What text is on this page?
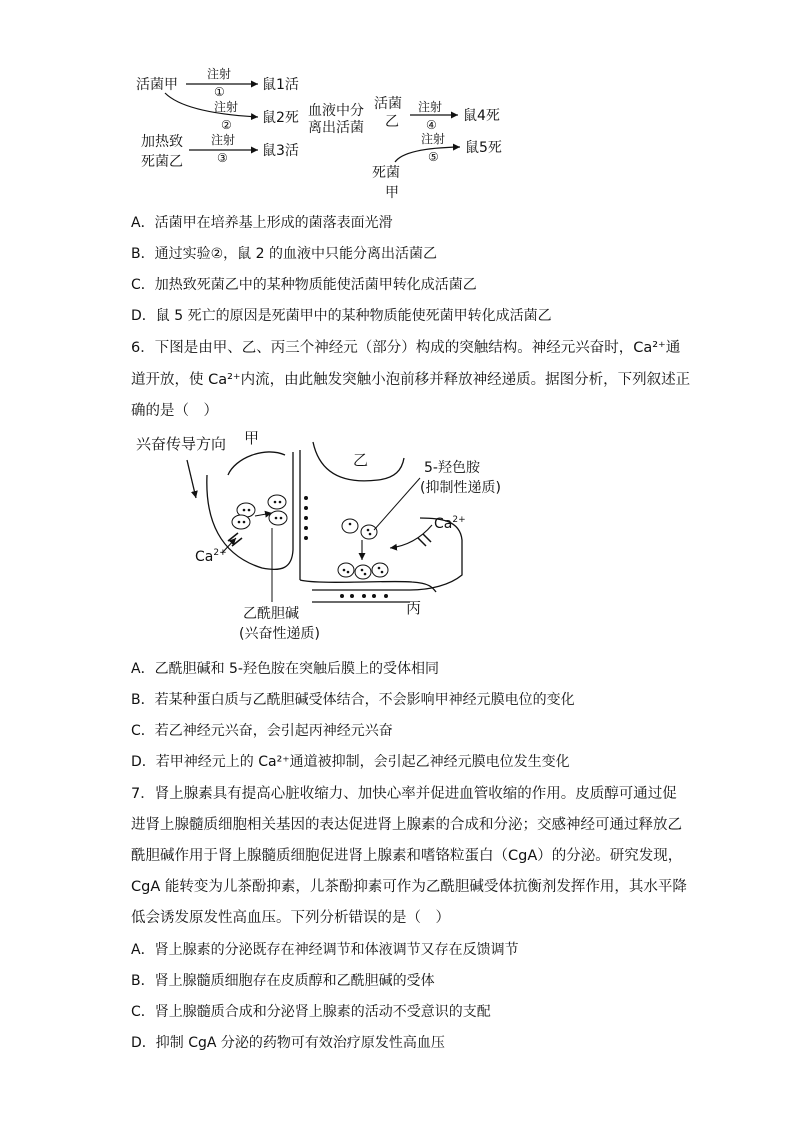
活菌甲
注射
①	鼠1活
注射
② 鼠2死 血液中分
离出活菌
加热致
死菌乙
注射
③ 鼠3活
活菌
乙
注射
④
鼠4死
注射
⑤
鼠5死
死菌
甲
A．活菌甲在培养基上形成的菌落表面光滑
B．通过实验②，鼠 2 的血液中只能分离出活菌乙
C．加热致死菌乙中的某种物质能使活菌甲转化成活菌乙
D．鼠 5 死亡的原因是死菌甲中的某种物质能使死菌甲转化成活菌乙
6．下图是由甲、乙、丙三个神经元（部分）构成的突触结构。神经元兴奋时，Ca²⁺通
道开放，使 Ca²⁺内流，由此触发突触小泡前移并释放神经递质。据图分析，下列叙述正
确的是（　）
兴奋传导方向 甲
乙
$Ca^{2+}$
$Ca^{2+}$
5-羟色胺
(抑制性递质)
乙酰胆碱
(兴奋性递质)
丙
A．乙酰胆碱和 5-羟色胺在突触后膜上的受体相同
B．若某种蛋白质与乙酰胆碱受体结合，不会影响甲神经元膜电位的变化
C．若乙神经元兴奋，会引起丙神经元兴奋
D．若甲神经元上的 Ca²⁺通道被抑制，会引起乙神经元膜电位发生变化
7．肾上腺素具有提高心脏收缩力、加快心率并促进血管收缩的作用。皮质醇可通过促
进肾上腺髓质细胞相关基因的表达促进肾上腺素的合成和分泌；交感神经可通过释放乙
酰胆碱作用于肾上腺髓质细胞促进肾上腺素和嗜铬粒蛋白（CgA）的分泌。研究发现，
CgA 能转变为儿茶酚抑素，儿茶酚抑素可作为乙酰胆碱受体抗衡剂发挥作用，其水平降
低会诱发原发性高血压。下列分析错误的是（　）
A．肾上腺素的分泌既存在神经调节和体液调节又存在反馈调节
B．肾上腺髓质细胞存在皮质醇和乙酰胆碱的受体
C．肾上腺髓质合成和分泌肾上腺素的活动不受意识的支配
D．抑制 CgA 分泌的药物可有效治疗原发性高血压
